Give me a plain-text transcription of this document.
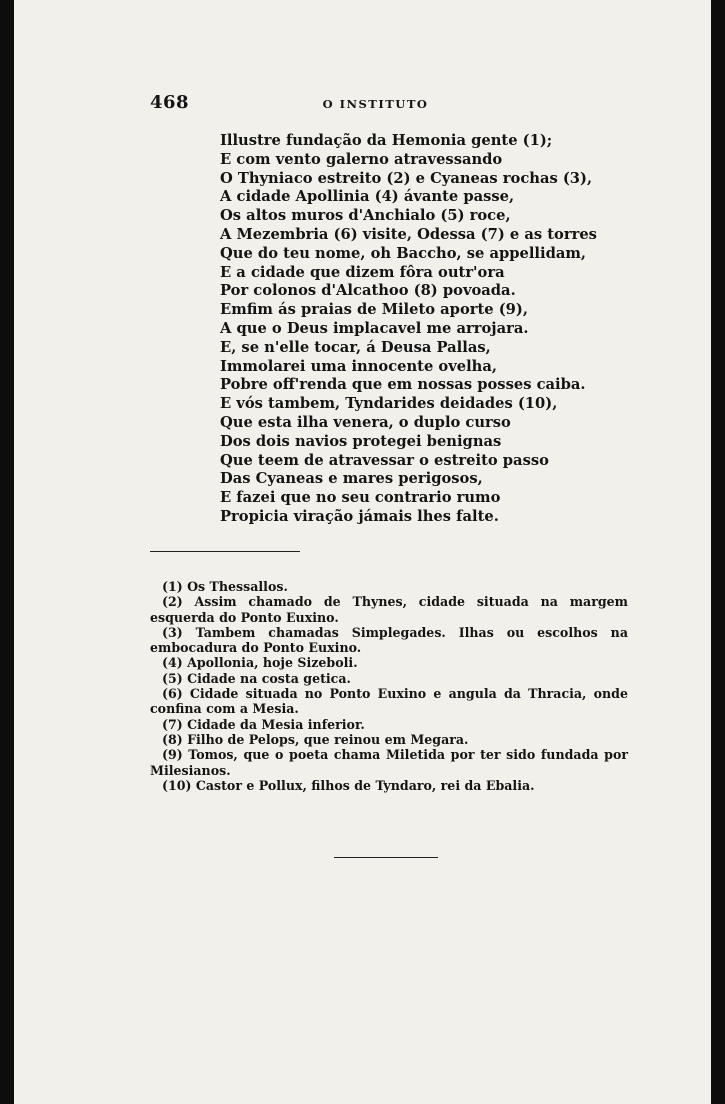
468	O INSTITUTO
Illustre fundação da Hemonia gente (1);
E com vento galerno atravessando
O Thyniaco estreito (2) e Cyaneas rochas (3),
A cidade Apollinia (4) ávante passe,
Os altos muros d'Anchialo (5) roce,
A Mezembria (6) visite, Odessa (7) e as torres
Que do teu nome, oh Baccho, se appellidam,
E a cidade que dizem fôra outr'ora
Por colonos d'Alcathoo (8) povoada.
Emfim ás praias de Mileto aporte (9),
A que o Deus implacavel me arrojara.
E, se n'elle tocar, á Deusa Pallas,
Immolarei uma innocente ovelha,
Pobre off'renda que em nossas posses caiba.
E vós tambem, Tyndarides deidades (10),
Que esta ilha venera, o duplo curso
Dos dois navios protegei benignas
Que teem de atravessar o estreito passo
Das Cyaneas e mares perigosos,
E fazei que no seu contrario rumo
Propicia viração jámais lhes falte.
(1) Os Thessallos.
(2) Assim chamado de Thynes, cidade situada na margem esquerda do Ponto Euxino.
(3) Tambem chamadas Simplegades. Ilhas ou escolhos na embocadura do Ponto Euxino.
(4) Apollonia, hoje Sizeboli.
(5) Cidade na costa getica.
(6) Cidade situada no Ponto Euxino e angula da Thracia, onde confina com a Mesia.
(7) Cidade da Mesia inferior.
(8) Filho de Pelops, que reinou em Megara.
(9) Tomos, que o poeta chama Miletida por ter sido fundada por Milesianos.
(10) Castor e Pollux, filhos de Tyndaro, rei da Ebalia.
